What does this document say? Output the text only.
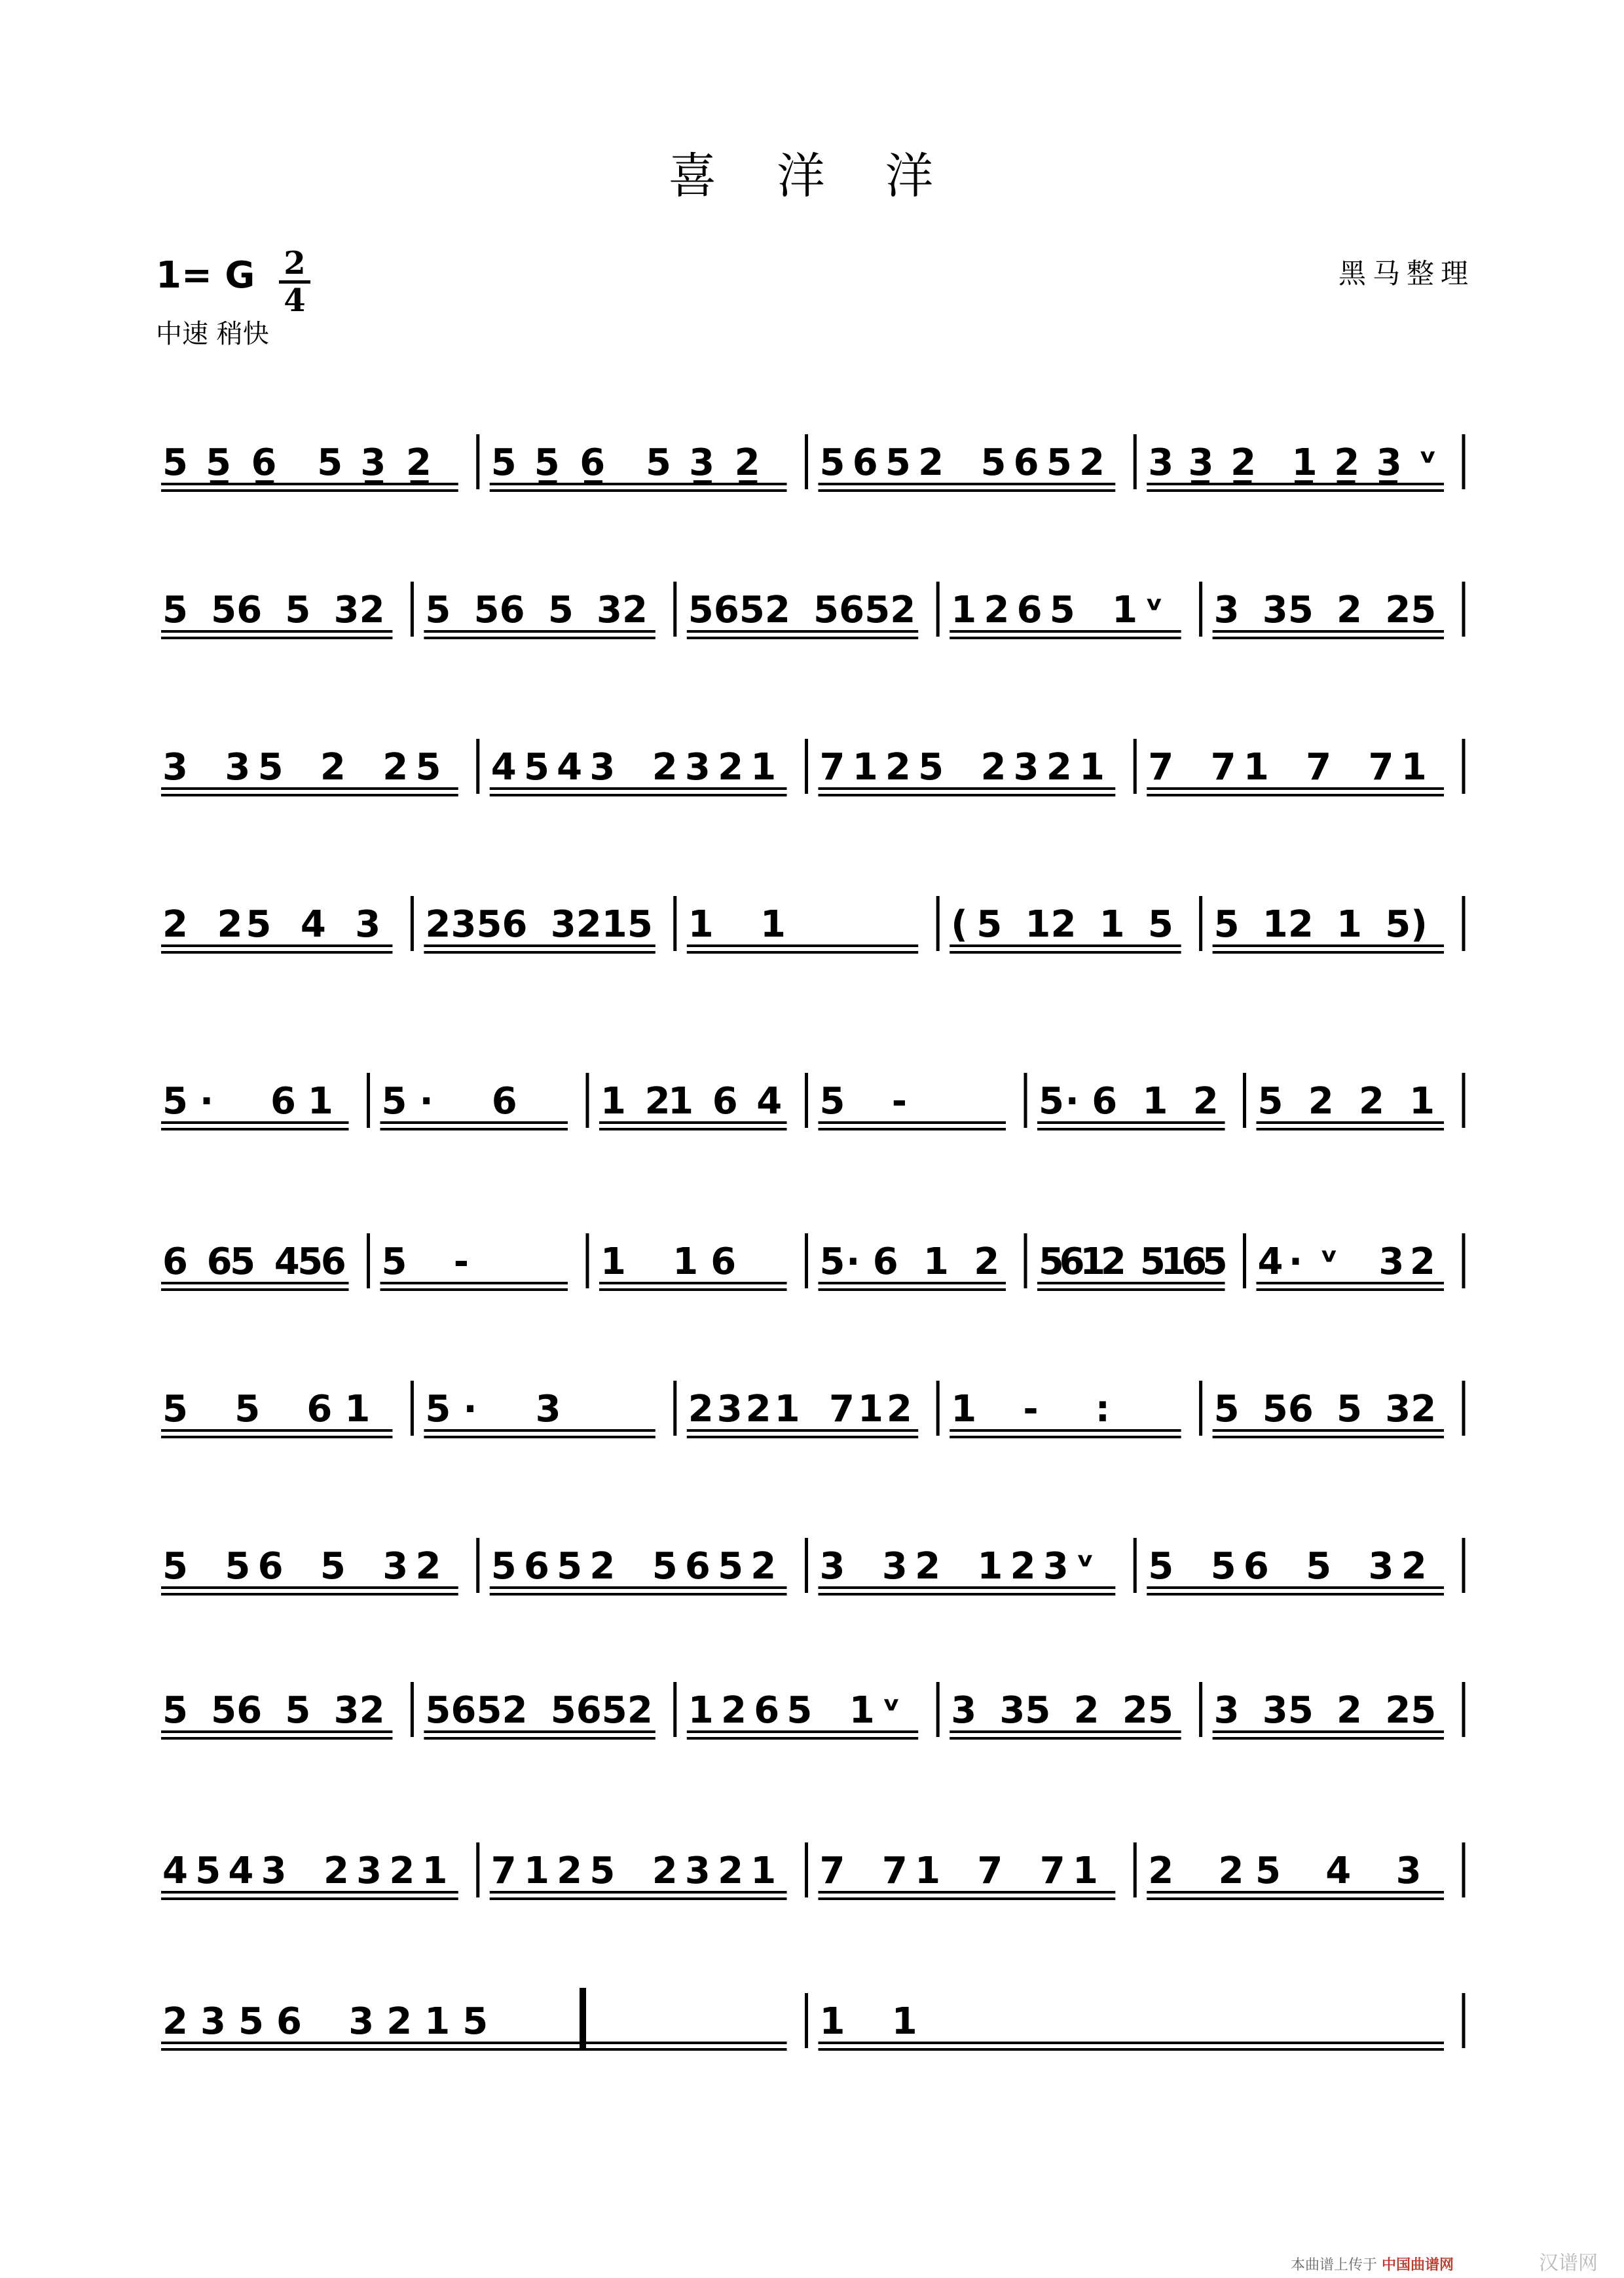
5 5 6 5 3 2 5 5 6 5 3 2 5 6 5 2 5 6 5 2 3 3 2 1 2 3 ᵛ
5 5 6 5 3 2 5 5 6 5 3 2 5 6 5 2 5 6 5 2 1 2 6 5 1 ᵛ 3 3 5 2 2 5
3 3 5 2 2 5 4 5 4 3 2 3 2 1 7 1 2 5 2 3 2 1 7 7 1 7 7 1
2 2 5 4 3 2 3 5 6 3 2 1 5 1 1	( 5 1 2 1 5 5 1 2 1 5 )
5 · 6 1 5 · 6 1 2
1 6 4 5 -	5 · 6 1 2 5 2 2 1
6 6
5 4
5
6 5 -	1 1 6 5 · 6 1 2 5
6
1
2 5
1
6
5 4 · ᵛ 3 2
5 5 6 1 5 · 3	2 3 2 1 7 1 2 1 - :	5 5 6 5 3 2
5 5 6 5 3 2 5 6 5 2 5 6 5 2 3 3 2 1 2 3 ᵛ 5 5 6 5 3 2
5 5 6 5 3 2 5 6 5 2 5 6 5 2 1 2 6 5 1 ᵛ 3 3 5 2 2 5 3 3 5 2 2 5
4 5 4 3 2 3 2 1 7 1 2 5 2 3 2 1 7 7 1 7 7 1 2 2 5 4 3
2 3 5 6 3 2 1 5	1 1
喜 洋 洋
黑马整理
1= G $\frac{2}{4}$
中速 稍快
本曲谱上传于 中国曲谱网	汉谱网
